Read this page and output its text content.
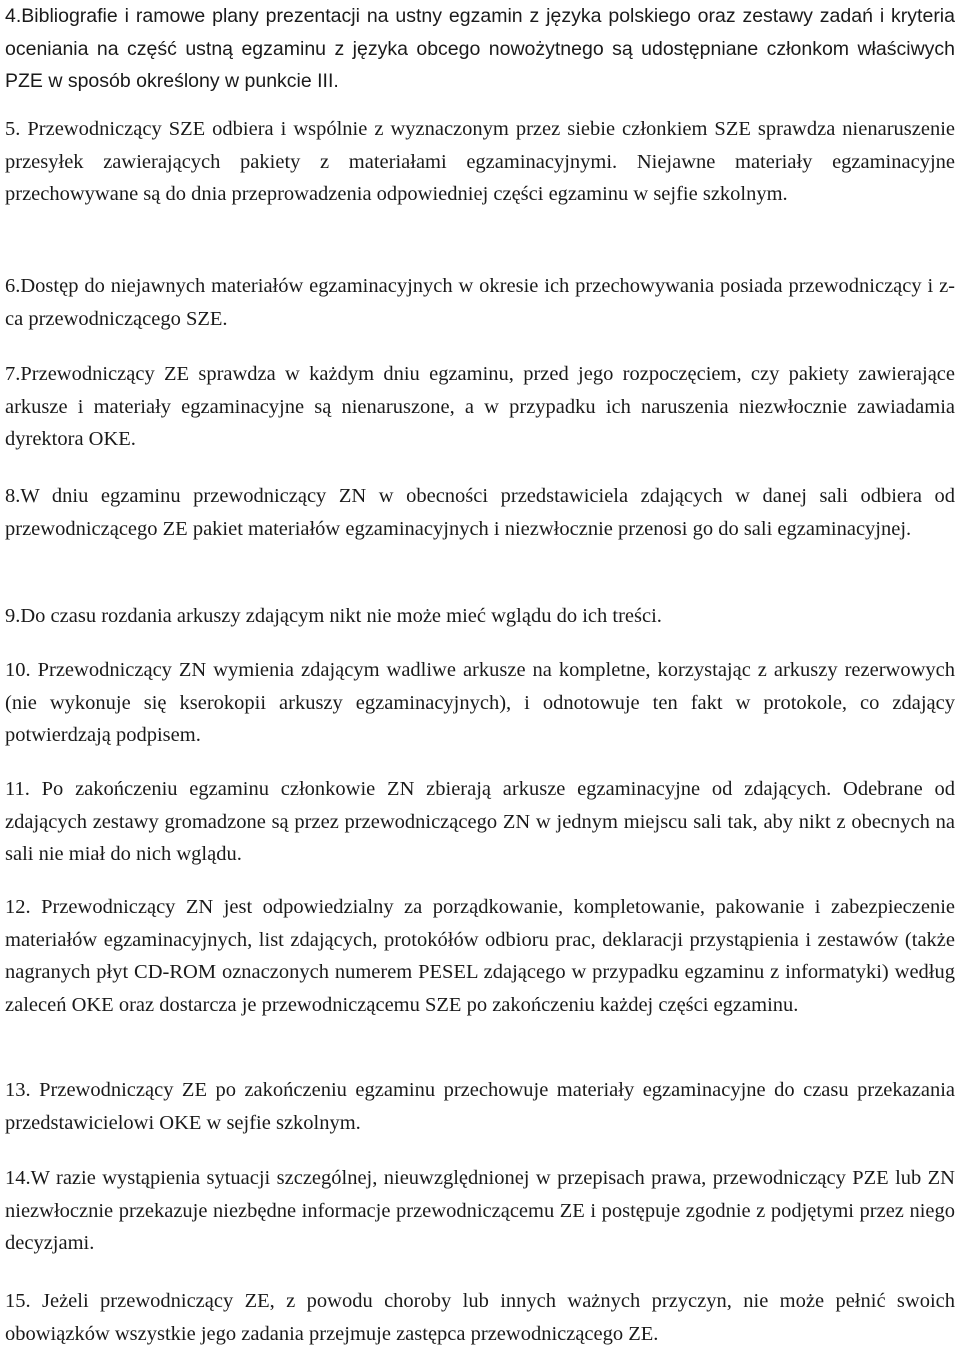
4.Bibliografie i ramowe plany prezentacji na ustny egzamin z języka polskiego oraz zestawy zadań i kryteria oceniania na część ustną egzaminu z języka obcego nowożytnego są udostępniane członkom właściwych PZE w sposób określony w punkcie III.

5. Przewodniczący SZE odbiera i wspólnie z wyznaczonym przez siebie członkiem SZE sprawdza nienaruszenie przesyłek zawierających pakiety z materiałami egzaminacyjnymi. Niejawne materiały egzaminacyjne przechowywane są do dnia przeprowadzenia odpowiedniej części egzaminu w sejfie szkolnym.

6.Dostęp do niejawnych materiałów egzaminacyjnych w okresie ich przechowywania posiada przewodniczący i z-ca przewodniczącego SZE.

7.Przewodniczący ZE sprawdza w każdym dniu egzaminu, przed jego rozpoczęciem, czy pakiety zawierające arkusze i materiały egzaminacyjne są nienaruszone, a w przypadku ich naruszenia niezwłocznie zawiadamia dyrektora OKE.

8.W dniu egzaminu przewodniczący ZN w obecności przedstawiciela zdających w danej sali odbiera od przewodniczącego ZE pakiet materiałów egzaminacyjnych i niezwłocznie przenosi go do sali egzaminacyjnej.

9.Do czasu rozdania arkuszy zdającym nikt nie może mieć wglądu do ich treści.

10. Przewodniczący ZN wymienia zdającym wadliwe arkusze na kompletne, korzystając z arkuszy rezerwowych (nie wykonuje się kserokopii arkuszy egzaminacyjnych), i odnotowuje ten fakt w protokole, co zdający potwierdzają podpisem.

11. Po zakończeniu egzaminu członkowie ZN zbierają arkusze egzaminacyjne od zdających. Odebrane od zdających zestawy gromadzone są przez przewodniczącego ZN w jednym miejscu sali tak, aby nikt z obecnych na sali nie miał do nich wglądu.

12. Przewodniczący ZN jest odpowiedzialny za porządkowanie, kompletowanie, pakowanie i zabezpieczenie materiałów egzaminacyjnych, list zdających, protokółów odbioru prac, deklaracji przystąpienia i zestawów (także nagranych płyt CD-ROM oznaczonych numerem PESEL zdającego w przypadku egzaminu z informatyki) według zaleceń OKE oraz dostarcza je przewodniczącemu SZE po zakończeniu każdej części egzaminu.

13. Przewodniczący ZE po zakończeniu egzaminu przechowuje materiały egzaminacyjne do czasu przekazania przedstawicielowi OKE w sejfie szkolnym.

14.W razie wystąpienia sytuacji szczególnej, nieuwzględnionej w przepisach prawa, przewodniczący PZE lub ZN niezwłocznie przekazuje niezbędne informacje przewodniczącemu ZE i postępuje zgodnie z podjętymi przez niego decyzjami.

15. Jeżeli przewodniczący ZE, z powodu choroby lub innych ważnych przyczyn, nie może pełnić swoich obowiązków wszystkie jego zadania przejmuje zastępca przewodniczącego ZE.
